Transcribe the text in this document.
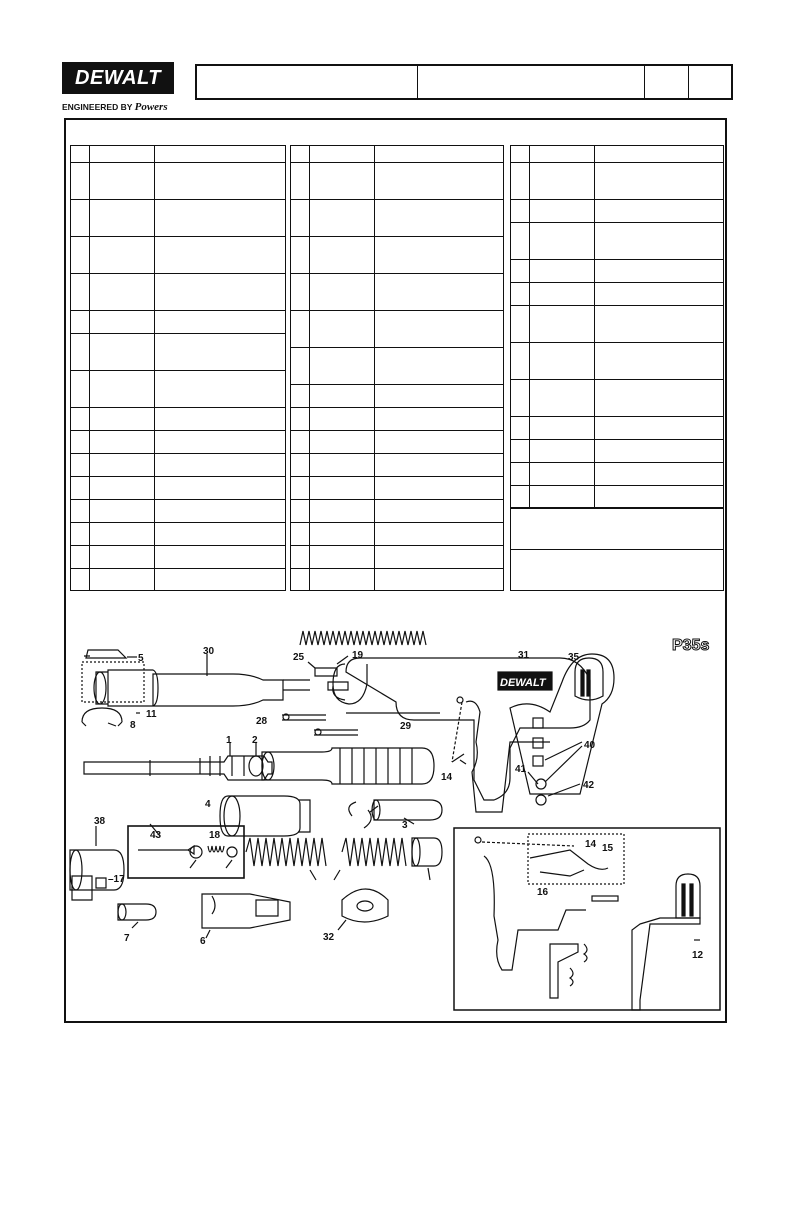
DEWALT
ENGINEERED BY Powers

5
30
25	19	31	35
11
8	28	29
1 2	40
41
14
42
43
4
3
38
18
–17
14 15
16
7	6	32
12
DEWALT
P35s
